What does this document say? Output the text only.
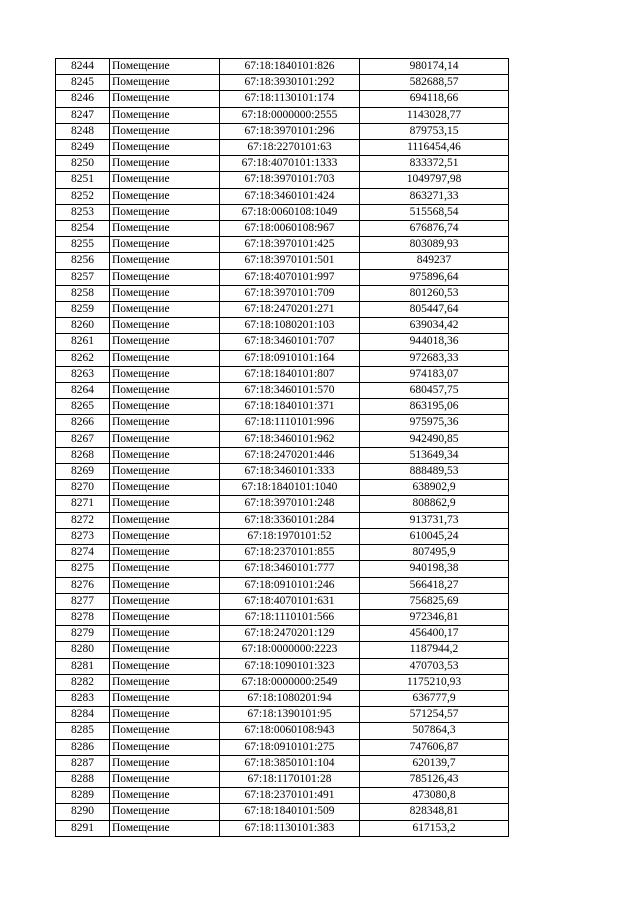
8244	Помещение	67:18:1840101:826	980174,14
8245	Помещение	67:18:3930101:292	582688,57
8246	Помещение	67:18:1130101:174	694118,66
8247	Помещение	67:18:0000000:2555	1143028,77
8248	Помещение	67:18:3970101:296	879753,15
8249	Помещение	67:18:2270101:63	1116454,46
8250	Помещение	67:18:4070101:1333	833372,51
8251	Помещение	67:18:3970101:703	1049797,98
8252	Помещение	67:18:3460101:424	863271,33
8253	Помещение	67:18:0060108:1049	515568,54
8254	Помещение	67:18:0060108:967	676876,74
8255	Помещение	67:18:3970101:425	803089,93
8256	Помещение	67:18:3970101:501	849237
8257	Помещение	67:18:4070101:997	975896,64
8258	Помещение	67:18:3970101:709	801260,53
8259	Помещение	67:18:2470201:271	805447,64
8260	Помещение	67:18:1080201:103	639034,42
8261	Помещение	67:18:3460101:707	944018,36
8262	Помещение	67:18:0910101:164	972683,33
8263	Помещение	67:18:1840101:807	974183,07
8264	Помещение	67:18:3460101:570	680457,75
8265	Помещение	67:18:1840101:371	863195,06
8266	Помещение	67:18:1110101:996	975975,36
8267	Помещение	67:18:3460101:962	942490,85
8268	Помещение	67:18:2470201:446	513649,34
8269	Помещение	67:18:3460101:333	888489,53
8270	Помещение	67:18:1840101:1040	638902,9
8271	Помещение	67:18:3970101:248	808862,9
8272	Помещение	67:18:3360101:284	913731,73
8273	Помещение	67:18:1970101:52	610045,24
8274	Помещение	67:18:2370101:855	807495,9
8275	Помещение	67:18:3460101:777	940198,38
8276	Помещение	67:18:0910101:246	566418,27
8277	Помещение	67:18:4070101:631	756825,69
8278	Помещение	67:18:1110101:566	972346,81
8279	Помещение	67:18:2470201:129	456400,17
8280	Помещение	67:18:0000000:2223	1187944,2
8281	Помещение	67:18:1090101:323	470703,53
8282	Помещение	67:18:0000000:2549	1175210,93
8283	Помещение	67:18:1080201:94	636777,9
8284	Помещение	67:18:1390101:95	571254,57
8285	Помещение	67:18:0060108:943	507864,3
8286	Помещение	67:18:0910101:275	747606,87
8287	Помещение	67:18:3850101:104	620139,7
8288	Помещение	67:18:1170101:28	785126,43
8289	Помещение	67:18:2370101:491	473080,8
8290	Помещение	67:18:1840101:509	828348,81
8291	Помещение	67:18:1130101:383	617153,2
